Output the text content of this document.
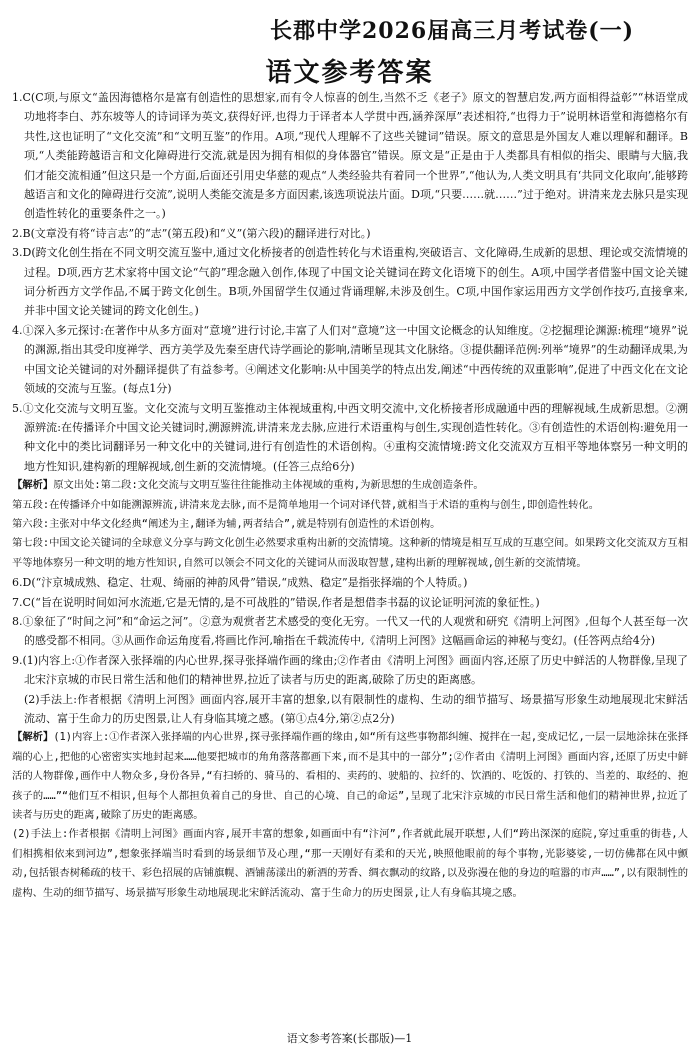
长郡中学2026届高三月考试卷(一)
语文参考答案

1.C(C项,与原文“盖因海德格尔是富有创造性的思想家,而有令人惊喜的创生,当然不乏《老子》原文的智慧启发,两方面相得益彰”“林语堂成功地将李白、苏东坡等人的诗词译为英文,获得好评,也得力于译者本人学贯中西,涵养深厚”表述相符,“也得力于”说明林语堂和海德格尔有共性,这也证明了“文化交流”和“文明互鉴”的作用。A项,“现代人理解不了这些关键词”错误。原文的意思是外国友人难以理解和翻译。B项,“人类能跨越语言和文化障碍进行交流,就是因为拥有相似的身体器官”错误。原文是“正是由于人类都具有相似的指尖、眼睛与大脑,我们才能交流相通”但这只是一个方面,后面还引用史华慈的观点“人类经验共有着同一个世界”,“他认为,人类文明具有‘共同文化取向’,能够跨越语言和文化的障碍进行交流”,说明人类能交流是多方面因素,该选项说法片面。D项,“只要……就……”过于绝对。讲清来龙去脉只是实现创造性转化的重要条件之一。)

2.B(文章没有将“诗言志”的“志”(第五段)和“义”(第六段)的翻译进行对比。)

3.D(跨文化创生指在不同文明交流互鉴中,通过文化桥接者的创造性转化与术语重构,突破语言、文化障碍,生成新的思想、理论或交流情境的过程。D项,西方艺术家将中国文论“气韵”理念融入创作,体现了中国文论关键词在跨文化语境下的创生。A项,中国学者借鉴中国文论关键词分析西方文学作品,不属于跨文化创生。B项,外国留学生仅通过背诵理解,未涉及创生。C项,中国作家运用西方文学创作技巧,直接拿来,并非中国文论关键词的跨文化创生。)

4.①深入多元探讨:在著作中从多方面对“意境”进行讨论,丰富了人们对“意境”这一中国文论概念的认知维度。②挖掘理论渊源:梳理“境界”说的渊源,指出其受印度禅学、西方美学及先秦至唐代诗学画论的影响,清晰呈现其文化脉络。③提供翻译范例:列举“境界”的生动翻译成果,为中国文论关键词的对外翻译提供了有益参考。④阐述文化影响:从中国美学的特点出发,阐述“中西传统的双重影响”,促进了中西文化在文论领域的交流与互鉴。(每点1分)

5.①文化交流与文明互鉴。文化交流与文明互鉴推动主体视域重构,中西文明交流中,文化桥接者形成融通中西的理解视域,生成新思想。②溯源辨流:在传播译介中国文论关键词时,溯源辨流,讲清来龙去脉,应进行术语重构与创生,实现创造性转化。③有创造性的术语创构:避免用一种文化中的类比词翻译另一种文化中的关键词,进行有创造性的术语创构。④重构交流情境:跨文化交流双方互相平等地体察另一种文明的地方性知识,建构新的理解视域,创生新的交流情境。(任答三点给6分)

【解析】原文出处:第二段:文化交流与文明互鉴往往能推动主体视域的重构,为新思想的生成创造条件。

第五段:在传播译介中如能溯源辨流,讲清来龙去脉,而不是简单地用一个词对译代替,就相当于术语的重构与创生,即创造性转化。

第六段:主张对中华文化经典“阐述为主,翻译为辅,两者结合”,就是特别有创造性的术语创构。

第七段:中国文论关键词的全球意义分享与跨文化创生必然要求重构出新的交流情境。这种新的情境是相互互成的互惠空间。如果跨文化交流双方互相平等地体察另一种文明的地方性知识,自然可以领会不同文化的关键词从而汲取智慧,建构出新的理解视域,创生新的交流情境。

6.D(“汴京城成熟、稳定、壮观、绮丽的神韵风骨”错误,“成熟、稳定”是指张择端的个人特质。)

7.C(“旨在说明时间如河水流逝,它是无情的,是不可战胜的”错误,作者是想借李书磊的议论证明河流的象征性。)

8.①象征了“时间之河”和“命运之河”。②意为观赏者艺术感受的变化无穷。一代又一代的人观赏和研究《清明上河图》,但每个人甚至每一次的感受都不相同。③从画作命运角度看,将画比作河,喻指在千载流传中,《清明上河图》这幅画命运的神秘与变幻。(任答两点给4分)

9.(1)内容上:①作者深入张择端的内心世界,探寻张择端作画的缘由;②作者由《清明上河图》画面内容,还原了历史中鲜活的人物群像,呈现了北宋汴京城的市民日常生活和他们的精神世界,拉近了读者与历史的距离,破除了历史的距离感。

(2)手法上:作者根据《清明上河图》画面内容,展开丰富的想象,以有限制性的虚构、生动的细节描写、场景描写形象生动地展现北宋鲜活流动、富于生命力的历史图景,让人有身临其境之感。(第①点4分,第②点2分)

【解析】(1)内容上:①作者深入张择端的内心世界,探寻张择端作画的缘由,如“所有这些事物都纠缠、搅拌在一起,变成记忆,一层一层地涂抹在张择端的心上,把他的心密密实实地封起来……他要把城市的角角落落都画下来,而不是其中的一部分”;②作者由《清明上河图》画面内容,还原了历史中鲜活的人物群像,画作中人物众多,身份各异,“有扫轿的、骑马的、看相的、卖药的、驶船的、拉纤的、饮酒的、吃饭的、打铁的、当差的、取经的、抱孩子的……”“他们互不相识,但每个人都担负着自己的身世、自己的心境、自己的命运”,呈现了北宋汴京城的市民日常生活和他们的精神世界,拉近了读者与历史的距离,破除了历史的距离感。

(2)手法上:作者根据《清明上河图》画面内容,展开丰富的想象,如画面中有“汴河”,作者就此展开联想,人们“跨出深深的庭院,穿过重重的街巷,人们相携相依来到河边”,想象张择端当时看到的场景细节及心理,“那一天刚好有柔和的天光,映照他眼前的每个事物,光影婆娑,一切仿佛都在风中颤动,包括银杏树稀疏的枝干、彩色招展的店铺旗幌、酒铺荡漾出的新酒的芳香、绸衣飘动的纹路,以及弥漫在他的身边的喧嚣的市声……”,以有限制性的虚构、生动的细节描写、场景描写形象生动地展现北宋鲜活流动、富于生命力的历史图景,让人有身临其境之感。

语文参考答案(长郡版)—1
